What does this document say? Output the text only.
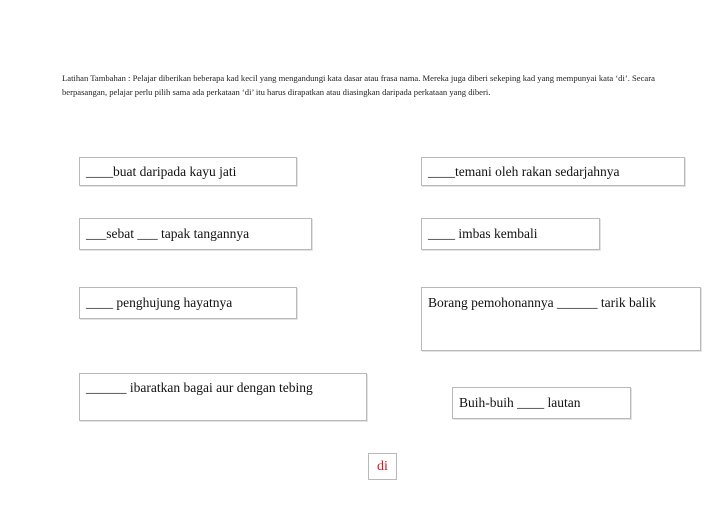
Latihan Tambahan : Pelajar diberikan beberapa kad kecil yang mengandungi kata dasar atau frasa nama. Mereka juga diberi sekeping kad yang mempunyai kata ‘di’. Secara berpasangan, pelajar perlu pilih sama ada perkataan ‘di’ itu harus dirapatkan atau diasingkan daripada perkataan yang diberi.
____buat daripada kayu jati	____temani oleh rakan sedarjahnya
___sebat ___ tapak tangannya	____ imbas kembali
____ penghujung hayatnya	Borang pemohonannya ______ tarik balik
______ ibaratkan bagai aur dengan tebing
Buih-buih ____ lautan
di
